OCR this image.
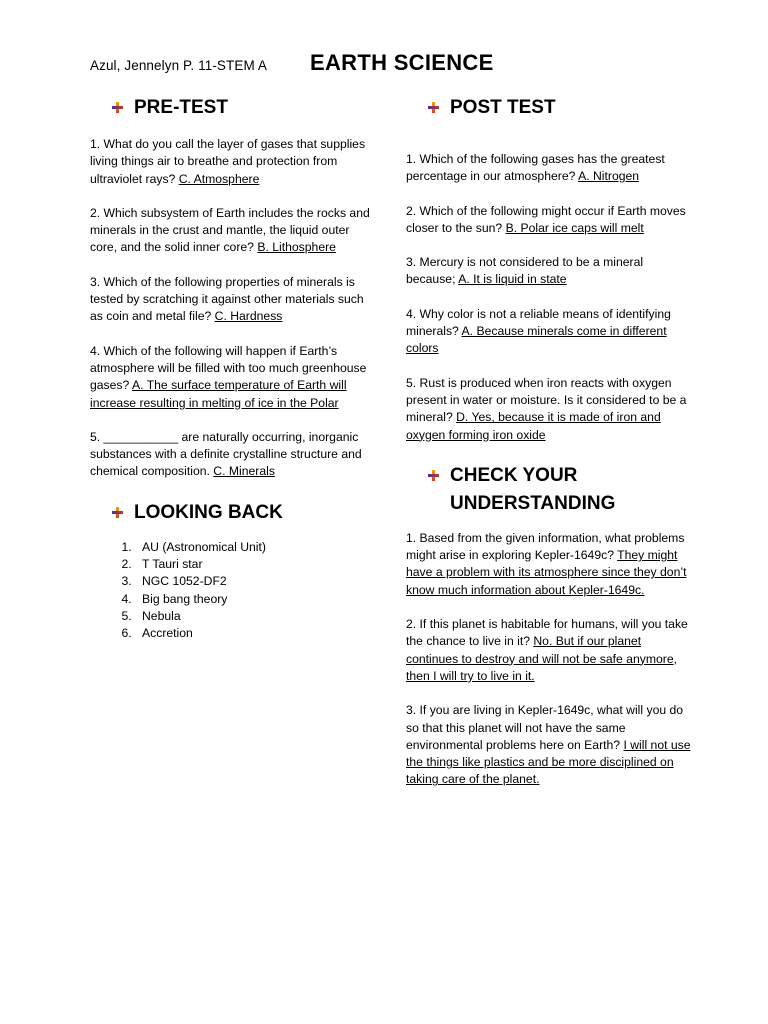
Azul, Jennelyn P. 11-STEM A EARTH SCIENCE
PRE-TEST

1. What do you call the layer of gases that supplies living things air to breathe and protection from ultraviolet rays? C. Atmosphere

2. Which subsystem of Earth includes the rocks and minerals in the crust and mantle, the liquid outer core, and the solid inner core? B. Lithosphere

3. Which of the following properties of minerals is tested by scratching it against other materials such as coin and metal file? C. Hardness

4. Which of the following will happen if Earth’s atmosphere will be filled with too much greenhouse gases? A. The surface temperature of Earth will increase resulting in melting of ice in the Polar

5. ___________ are naturally occurring, inorganic substances with a definite crystalline structure and chemical composition. C. Minerals

LOOKING BACK
1. AU (Astronomical Unit)
2. T Tauri star
3. NGC 1052-DF2
4. Big bang theory
5. Nebula
6. Accretion
POST TEST

1. Which of the following gases has the greatest percentage in our atmosphere? A. Nitrogen

2. Which of the following might occur if Earth moves closer to the sun? B. Polar ice caps will melt

3. Mercury is not considered to be a mineral because; A. It is liquid in state

4. Why color is not a reliable means of identifying minerals? A. Because minerals come in different colors

5. Rust is produced when iron reacts with oxygen present in water or moisture. Is it considered to be a mineral? D. Yes, because it is made of iron and oxygen forming iron oxide

CHECK YOUR UNDERSTANDING

1. Based from the given information, what problems might arise in exploring Kepler-1649c? They might have a problem with its atmosphere since they don’t know much information about Kepler-1649c.

2. If this planet is habitable for humans, will you take the chance to live in it? No. But if our planet continues to destroy and will not be safe anymore, then I will try to live in it.

3. If you are living in Kepler-1649c, what will you do so that this planet will not have the same environmental problems here on Earth? I will not use the things like plastics and be more disciplined on taking care of the planet.
